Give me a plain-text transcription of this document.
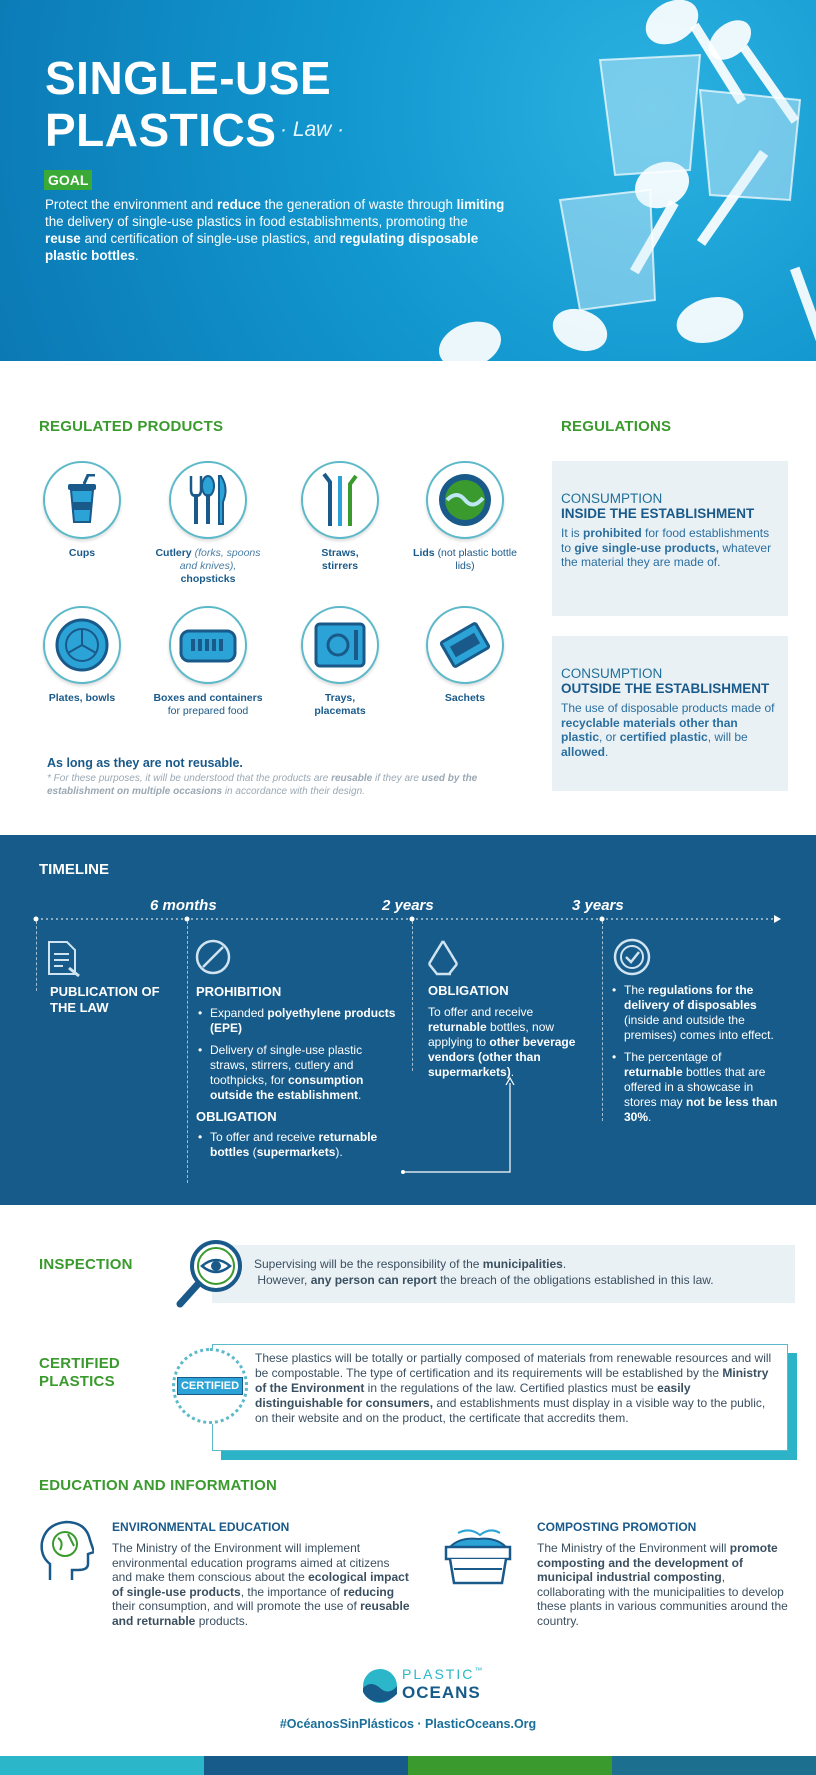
SINGLE-USE
PLASTICS · Law ·
GOAL
Protect the environment and reduce the generation of waste through limiting the delivery of single-use plastics in food establishments, promoting the reuse and certification of single-use plastics, and regulating disposable plastic bottles.
REGULATED PRODUCTS	REGULATIONS
Cups	Cutlery (forks, spoons and knives),
chopsticks
Straws,
stirrers
Lids (not plastic bottle lids)
Plates, bowls	Boxes and containers
for prepared food
Trays,
placemats
Sachets
As long as they are not reusable.
* For these purposes, it will be understood that the products are reusable if they are used by the establishment on multiple occasions in accordance with their design.
CONSUMPTION
INSIDE THE ESTABLISHMENT
It is prohibited for food establishments to give single-use products, whatever the material they are made of.
CONSUMPTION
OUTSIDE THE ESTABLISHMENT
The use of disposable products made of recyclable materials other than plastic, or certified plastic, will be allowed.
TIMELINE
6 months	2 years	3 years
PUBLICATION OF THE LAW
PROHIBITION
• Expanded polyethylene products (EPE)
• Delivery of single-use plastic straws, stirrers, cutlery and toothpicks, for consumption outside the establishment.
OBLIGATION
• To offer and receive returnable bottles (supermarkets).
OBLIGATION
To offer and receive returnable bottles, now applying to other beverage vendors (other than supermarkets).
• The regulations for the delivery of disposables (inside and outside the premises) comes into effect.
• The percentage of returnable bottles that are offered in a showcase in stores may not be less than 30%.
INSPECTION	Supervising will be the responsibility of the municipalities.
However, any person can report the breach of the obligations established in this law.
CERTIFIED
PLASTICS
These plastics will be totally or partially composed of materials from renewable resources and will be compostable. The type of certification and its requirements will be established by the Ministry of the Environment in the regulations of the law. Certified plastics must be easily distinguishable for consumers, and establishments must display in a visible way to the public, on their website and on the product, the certificate that accredits them.
CERTIFIED
EDUCATION AND INFORMATION
ENVIRONMENTAL EDUCATION
The Ministry of the Environment will implement environmental education programs aimed at citizens and make them conscious about the ecological impact of single-use products, the importance of reducing their consumption, and will promote the use of reusable and returnable products.
COMPOSTING PROMOTION
The Ministry of the Environment will promote composting and the development of municipal industrial composting, collaborating with the municipalities to develop these plants in various communities around the country.
PLASTIC™
OCEANS
#OcéanosSinPlásticos · PlasticOceans.Org
